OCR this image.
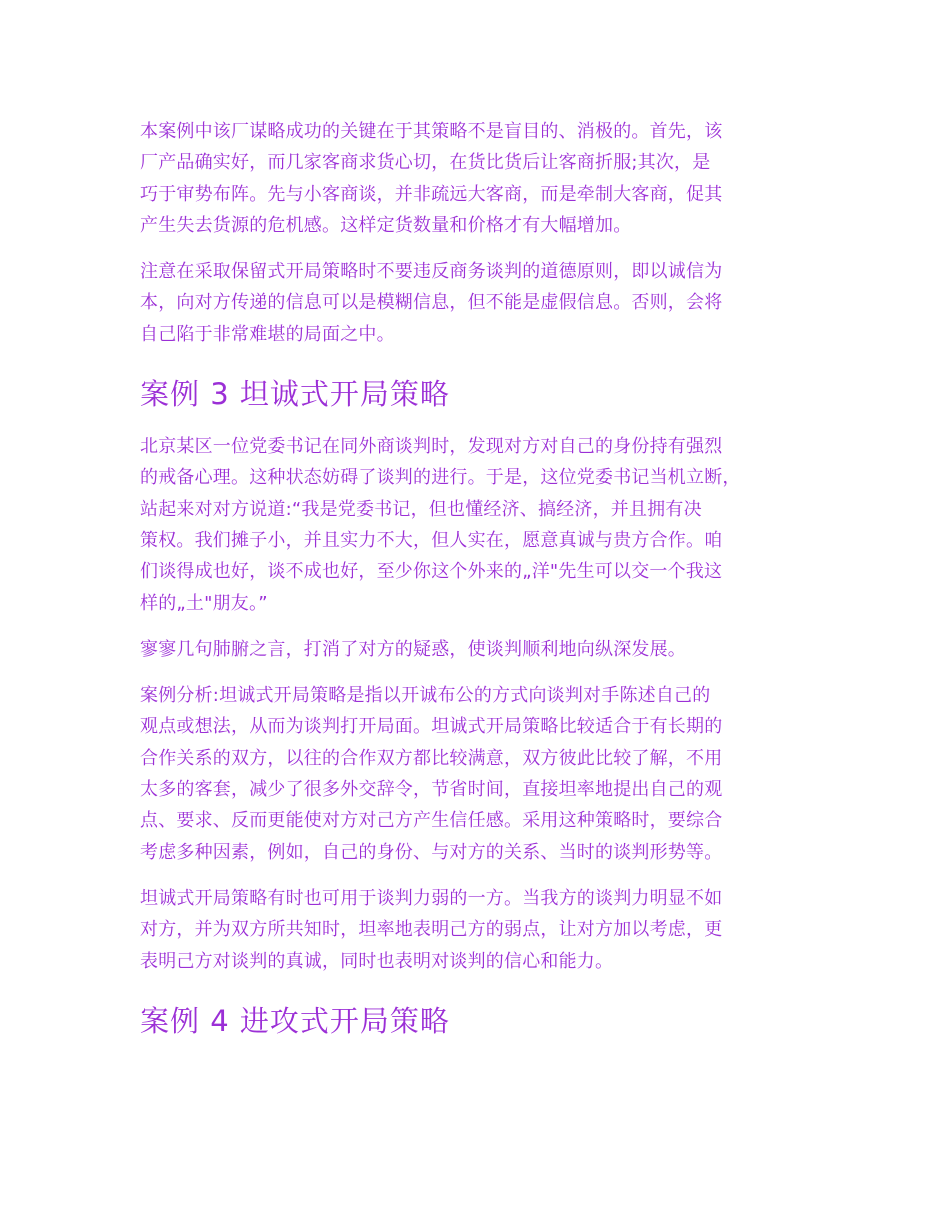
本案例中该厂谋略成功的关键在于其策略不是盲目的、消极的。首先，该
厂产品确实好，而几家客商求货心切，在货比货后让客商折服;其次，是
巧于审势布阵。先与小客商谈，并非疏远大客商，而是牵制大客商，促其
产生失去货源的危机感。这样定货数量和价格才有大幅增加。

注意在采取保留式开局策略时不要违反商务谈判的道德原则，即以诚信为
本，向对方传递的信息可以是模糊信息，但不能是虚假信息。否则，会将
自己陷于非常难堪的局面之中。

案例 3 坦诚式开局策略

北京某区一位党委书记在同外商谈判时，发现对方对自己的身份持有强烈
的戒备心理。这种状态妨碍了谈判的进行。于是，这位党委书记当机立断，
站起来对对方说道:“我是党委书记，但也懂经济、搞经济，并且拥有决
策权。我们摊子小，并且实力不大，但人实在，愿意真诚与贵方合作。咱
们谈得成也好，谈不成也好，至少你这个外来的„洋"先生可以交一个我这
样的„土"朋友。”

寥寥几句肺腑之言，打消了对方的疑惑，使谈判顺利地向纵深发展。

案例分析:坦诚式开局策略是指以开诚布公的方式向谈判对手陈述自己的
观点或想法，从而为谈判打开局面。坦诚式开局策略比较适合于有长期的
合作关系的双方，以往的合作双方都比较满意，双方彼此比较了解，不用
太多的客套，减少了很多外交辞令，节省时间，直接坦率地提出自己的观
点、要求、反而更能使对方对己方产生信任感。采用这种策略时，要综合
考虑多种因素，例如，自己的身份、与对方的关系、当时的谈判形势等。

坦诚式开局策略有时也可用于谈判力弱的一方。当我方的谈判力明显不如
对方，并为双方所共知时，坦率地表明己方的弱点，让对方加以考虑，更
表明己方对谈判的真诚，同时也表明对谈判的信心和能力。

案例 4 进攻式开局策略
